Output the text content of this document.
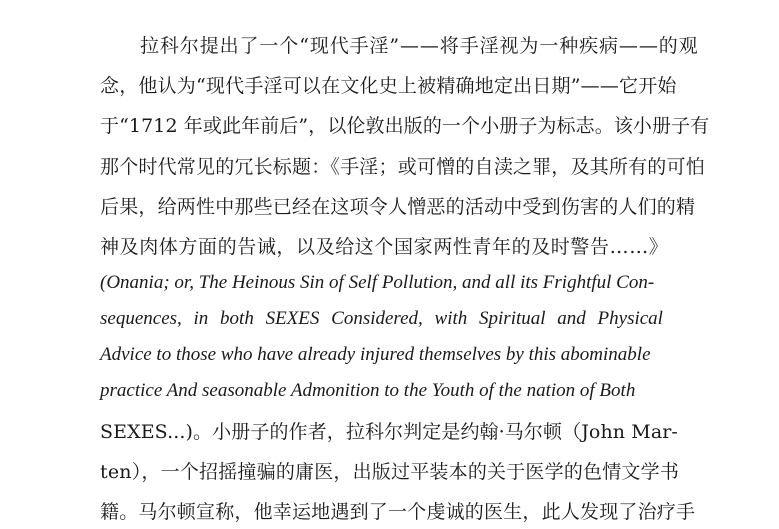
拉科尔提出了一个“现代手淫”——将手淫视为一种疾病——的观
念，他认为“现代手淫可以在文化史上被精确地定出日期”——它开始
于“1712 年或此年前后”，以伦敦出版的一个小册子为标志。该小册子有
那个时代常见的冗长标题：《手淫；或可憎的自渎之罪，及其所有的可怕
后果，给两性中那些已经在这项令人憎恶的活动中受到伤害的人们的精
神及肉体方面的告诫，以及给这个国家两性青年的及时警告……》
(Onania; or, The Heinous Sin of Self Pollution, and all its Frightful Con-
sequences, in both SEXES Considered, with Spiritual and Physical
Advice to those who have already injured themselves by this abominable
practice And seasonable Admonition to the Youth of the nation of Both
SEXES...)。小册子的作者，拉科尔判定是约翰·马尔顿（John Mar-
ten），一个招摇撞骗的庸医，出版过平装本的关于医学的色情文学书
籍。马尔顿宣称，他幸运地遇到了一个虔诚的医生，此人发现了治疗手
